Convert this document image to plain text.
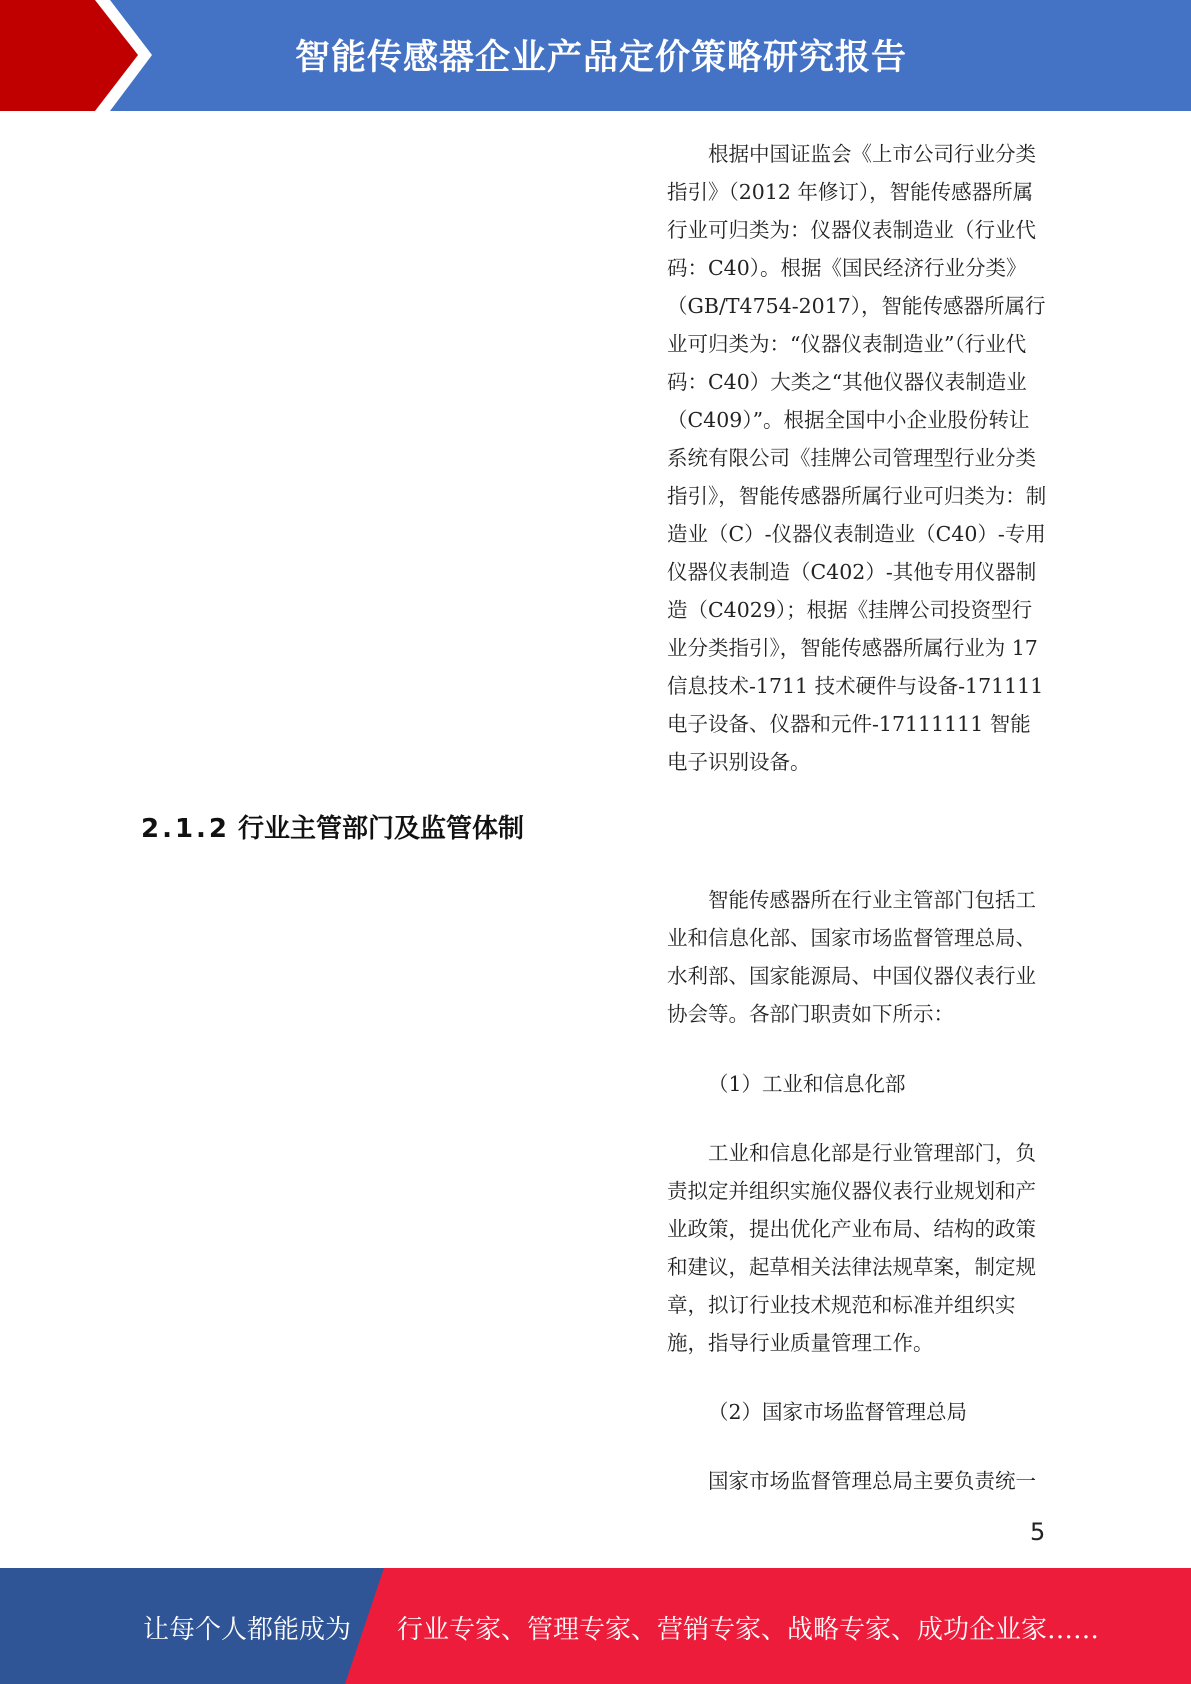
智能传感器企业产品定价策略研究报告

根据中国证监会《上市公司行业分类指引》（2012 年修订），智能传感器所属行业可归类为：仪器仪表制造业（行业代码：C40）。根据《国民经济行业分类》（GB/T4754-2017），智能传感器所属行业可归类为：“仪器仪表制造业”（行业代码：C40）大类之“其他仪器仪表制造业（C409）”。根据全国中小企业股份转让系统有限公司《挂牌公司管理型行业分类指引》，智能传感器所属行业可归类为：制造业（C）-仪器仪表制造业（C40）-专用仪器仪表制造（C402）-其他专用仪器制造（C4029）；根据《挂牌公司投资型行业分类指引》，智能传感器所属行业为 17 信息技术-1711 技术硬件与设备-171111 电子设备、仪器和元件-17111111 智能电子识别设备。

2.1.2 行业主管部门及监管体制

智能传感器所在行业主管部门包括工业和信息化部、国家市场监督管理总局、水利部、国家能源局、中国仪器仪表行业协会等。各部门职责如下所示：

（1）工业和信息化部

工业和信息化部是行业管理部门，负责拟定并组织实施仪器仪表行业规划和产业政策，提出优化产业布局、结构的政策和建议，起草相关法律法规草案，制定规章，拟订行业技术规范和标准并组织实施，指导行业质量管理工作。

（2）国家市场监督管理总局

国家市场监督管理总局主要负责统一

5
让每个人都能成为 行业专家、管理专家、营销专家、战略专家、成功企业家……
